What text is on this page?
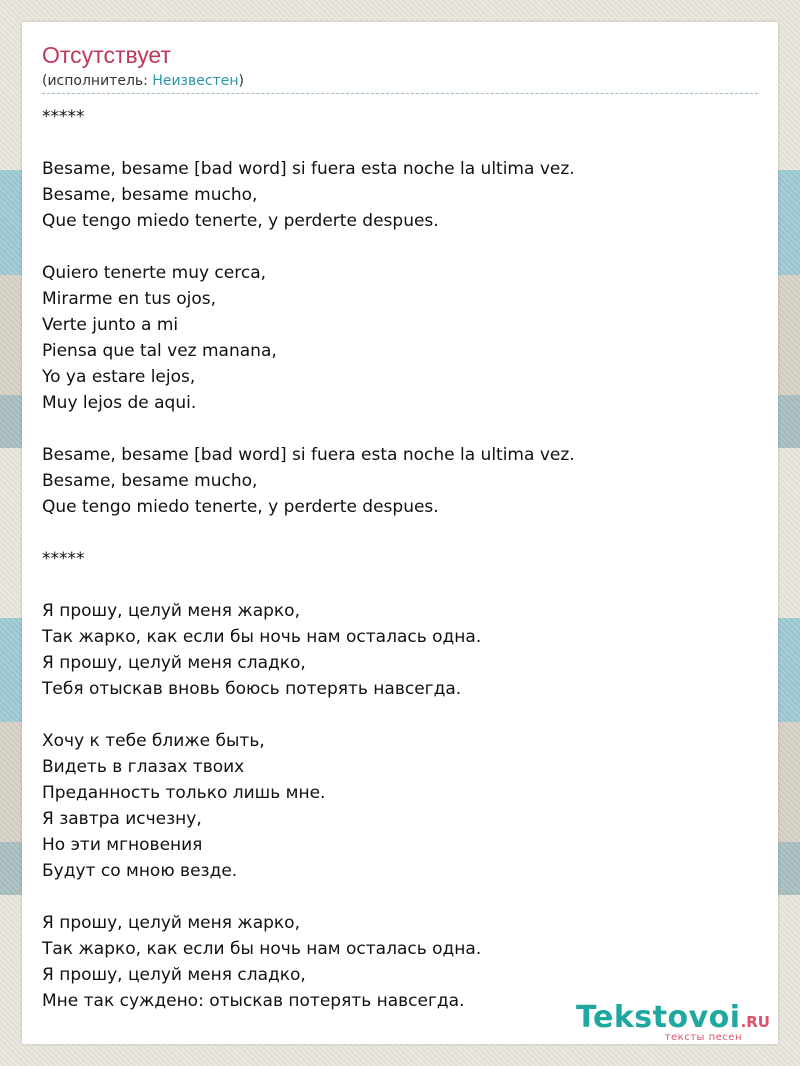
Отсутствует
(исполнитель: Неизвестен)
*****
Besame, besame [bad word] si fuera esta noche la ultima vez.
Besame, besame mucho,
Que tengo miedo tenerte, y perderte despues.
Quiero tenerte muy cerca,
Mirarme en tus ojos,
Verte junto a mi
Piensa que tal vez manana,
Yo ya estare lejos,
Muy lejos de aqui.
Besame, besame [bad word] si fuera esta noche la ultima vez.
Besame, besame mucho,
Que tengo miedo tenerte, y perderte despues.
*****
Я прошу, целуй меня жарко,
Так жарко, как если бы ночь нам осталась одна.
Я прошу, целуй меня сладко,
Тебя отыскав вновь боюсь потерять навсегда.
Хочу к тебе ближе быть,
Видеть в глазах твоих
Преданность только лишь мне.
Я завтра исчезну,
Но эти мгновения
Будут со мною везде.
Я прошу, целуй меня жарко,
Так жарко, как если бы ночь нам осталась одна.
Я прошу, целуй меня сладко,
Мне так суждено: отыскав потерять навсегда.	Tekstovoi.RU
тексты песен
